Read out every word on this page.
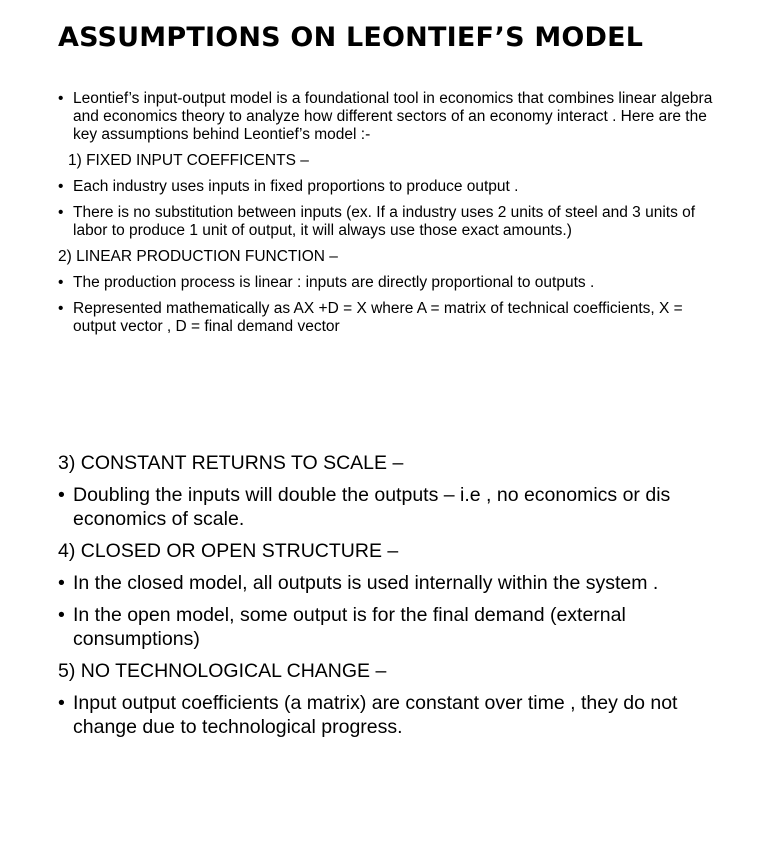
ASSUMPTIONS ON LEONTIEF’S MODEL
• Leontief’s input-output model is a foundational tool in economics that combines linear algebra and economics theory to analyze how different sectors of an economy interact . Here are the key assumptions behind Leontief’s model :-
1) FIXED INPUT COEFFICENTS –
• Each industry uses inputs in fixed proportions to produce output .
• There is no substitution between inputs (ex. If a industry uses 2 units of steel and 3 units of labor to produce 1 unit of output, it will always use those exact amounts.)
2) LINEAR PRODUCTION FUNCTION –
• The production process is linear : inputs are directly proportional to outputs .
• Represented mathematically as AX +D = X where A = matrix of technical coefficients, X = output vector , D = final demand vector
3) CONSTANT RETURNS TO SCALE –
• Doubling the inputs will double the outputs – i.e , no economics or dis economics of scale.
4) CLOSED OR OPEN STRUCTURE –
• In the closed model, all outputs is used internally within the system .
• In the open model, some output is for the final demand (external consumptions)
5) NO TECHNOLOGICAL CHANGE –
• Input output coefficients (a matrix) are constant over time , they do not change due to technological progress.
